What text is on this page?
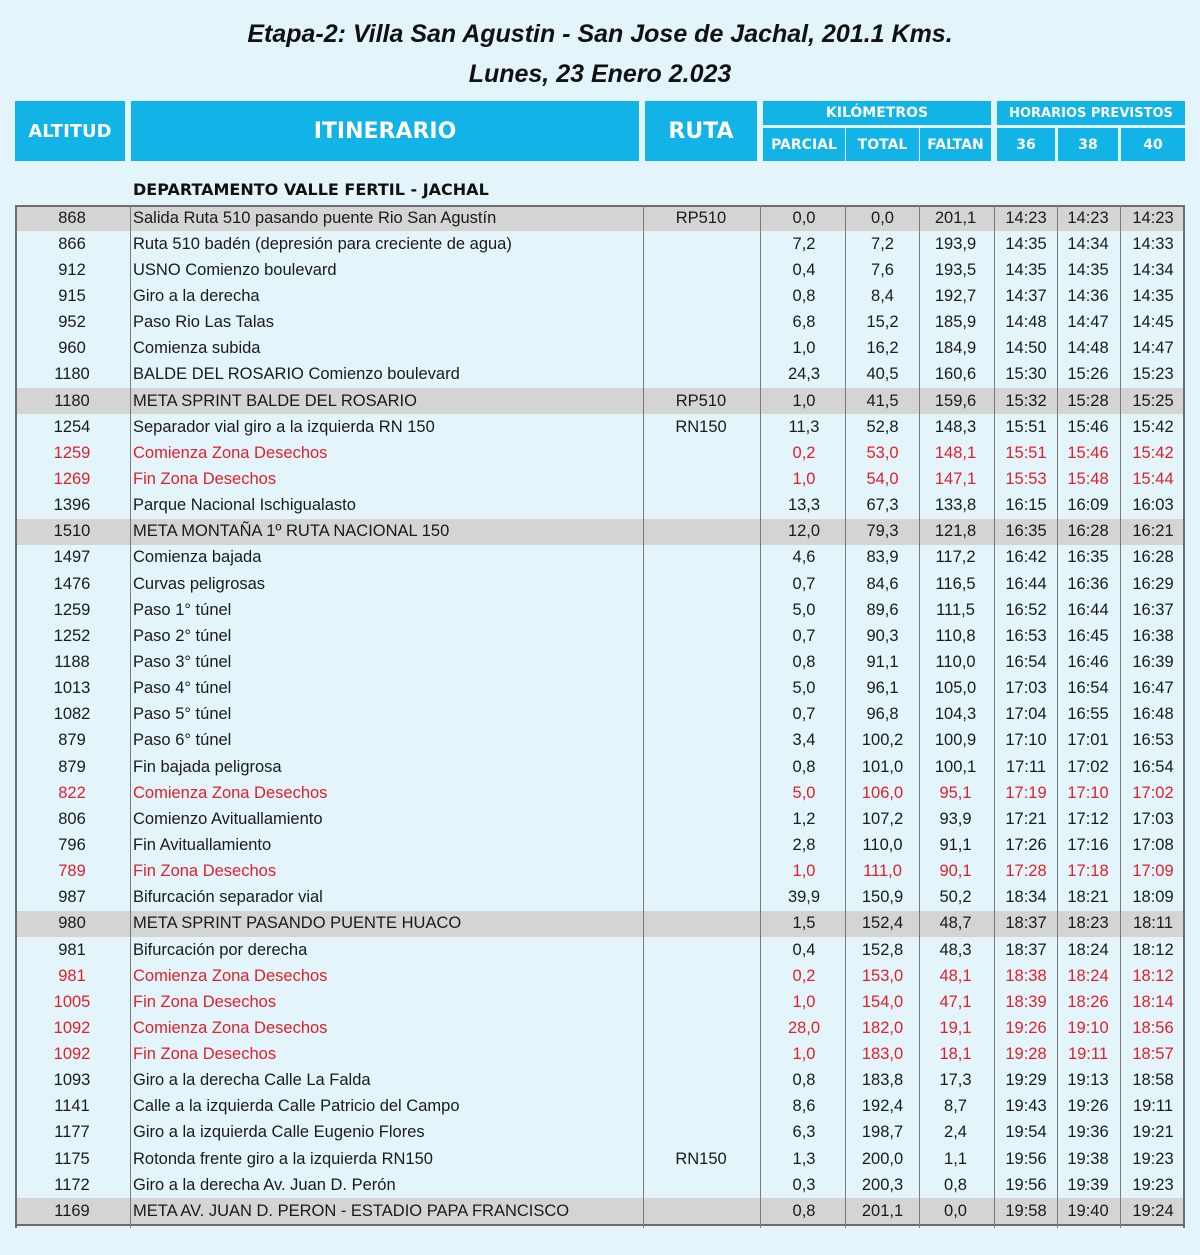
Etapa-2: Villa San Agustin - San Jose de Jachal, 201.1 Kms.
Lunes, 23 Enero 2.023
ALTITUD	ITINERARIO	RUTA
KILÓMETROS	HORARIOS PREVISTOS
PARCIAL	TOTAL	FALTAN	36	38	40
DEPARTAMENTO VALLE FERTIL - JACHAL
868	Salida Ruta 510 pasando puente Rio San Agustín	RP510	0,0	0,0	201,1	14:23	14:23	14:23
866	Ruta 510 badén (depresión para creciente de agua)	7,2	7,2	193,9	14:35	14:34	14:33
912	USNO Comienzo boulevard	0,4	7,6	193,5	14:35	14:35	14:34
915	Giro a la derecha	0,8	8,4	192,7	14:37	14:36	14:35
952	Paso Rio Las Talas	6,8	15,2	185,9	14:48	14:47	14:45
960	Comienza subida	1,0	16,2	184,9	14:50	14:48	14:47
1180	BALDE DEL ROSARIO Comienzo boulevard	24,3	40,5	160,6	15:30	15:26	15:23
1180	META SPRINT BALDE DEL ROSARIO	RP510	1,0	41,5	159,6	15:32	15:28	15:25
1254	Separador vial giro a la izquierda RN 150	RN150	11,3	52,8	148,3	15:51	15:46	15:42
1259	Comienza Zona Desechos	0,2	53,0	148,1	15:51	15:46	15:42
1269	Fin Zona Desechos	1,0	54,0	147,1	15:53	15:48	15:44
1396	Parque Nacional Ischigualasto	13,3	67,3	133,8	16:15	16:09	16:03
1510	META MONTAÑA 1º RUTA NACIONAL 150	12,0	79,3	121,8	16:35	16:28	16:21
1497	Comienza bajada	4,6	83,9	117,2	16:42	16:35	16:28
1476	Curvas peligrosas	0,7	84,6	116,5	16:44	16:36	16:29
1259	Paso 1° túnel	5,0	89,6	111,5	16:52	16:44	16:37
1252	Paso 2° túnel	0,7	90,3	110,8	16:53	16:45	16:38
1188	Paso 3° túnel	0,8	91,1	110,0	16:54	16:46	16:39
1013	Paso 4° túnel	5,0	96,1	105,0	17:03	16:54	16:47
1082	Paso 5° túnel	0,7	96,8	104,3	17:04	16:55	16:48
879	Paso 6° túnel	3,4	100,2	100,9	17:10	17:01	16:53
879	Fin bajada peligrosa	0,8	101,0	100,1	17:11	17:02	16:54
822	Comienza Zona Desechos	5,0	106,0	95,1	17:19	17:10	17:02
806	Comienzo Avituallamiento	1,2	107,2	93,9	17:21	17:12	17:03
796	Fin Avituallamiento	2,8	110,0	91,1	17:26	17:16	17:08
789	Fin Zona Desechos	1,0	111,0	90,1	17:28	17:18	17:09
987	Bifurcación separador vial	39,9	150,9	50,2	18:34	18:21	18:09
980	META SPRINT PASANDO PUENTE HUACO	1,5	152,4	48,7	18:37	18:23	18:11
981	Bifurcación por derecha	0,4	152,8	48,3	18:37	18:24	18:12
981	Comienza Zona Desechos	0,2	153,0	48,1	18:38	18:24	18:12
1005	Fin Zona Desechos	1,0	154,0	47,1	18:39	18:26	18:14
1092	Comienza Zona Desechos	28,0	182,0	19,1	19:26	19:10	18:56
1092	Fin Zona Desechos	1,0	183,0	18,1	19:28	19:11	18:57
1093	Giro a la derecha Calle La Falda	0,8	183,8	17,3	19:29	19:13	18:58
1141	Calle a la izquierda Calle Patricio del Campo	8,6	192,4	8,7	19:43	19:26	19:11
1177	Giro a la izquierda Calle Eugenio Flores	6,3	198,7	2,4	19:54	19:36	19:21
1175	Rotonda frente giro a la izquierda RN150	RN150	1,3	200,0	1,1	19:56	19:38	19:23
1172	Giro a la derecha Av. Juan D. Perón	0,3	200,3	0,8	19:56	19:39	19:23
1169	META AV. JUAN D. PERON - ESTADIO PAPA FRANCISCO	0,8	201,1	0,0	19:58	19:40	19:24
